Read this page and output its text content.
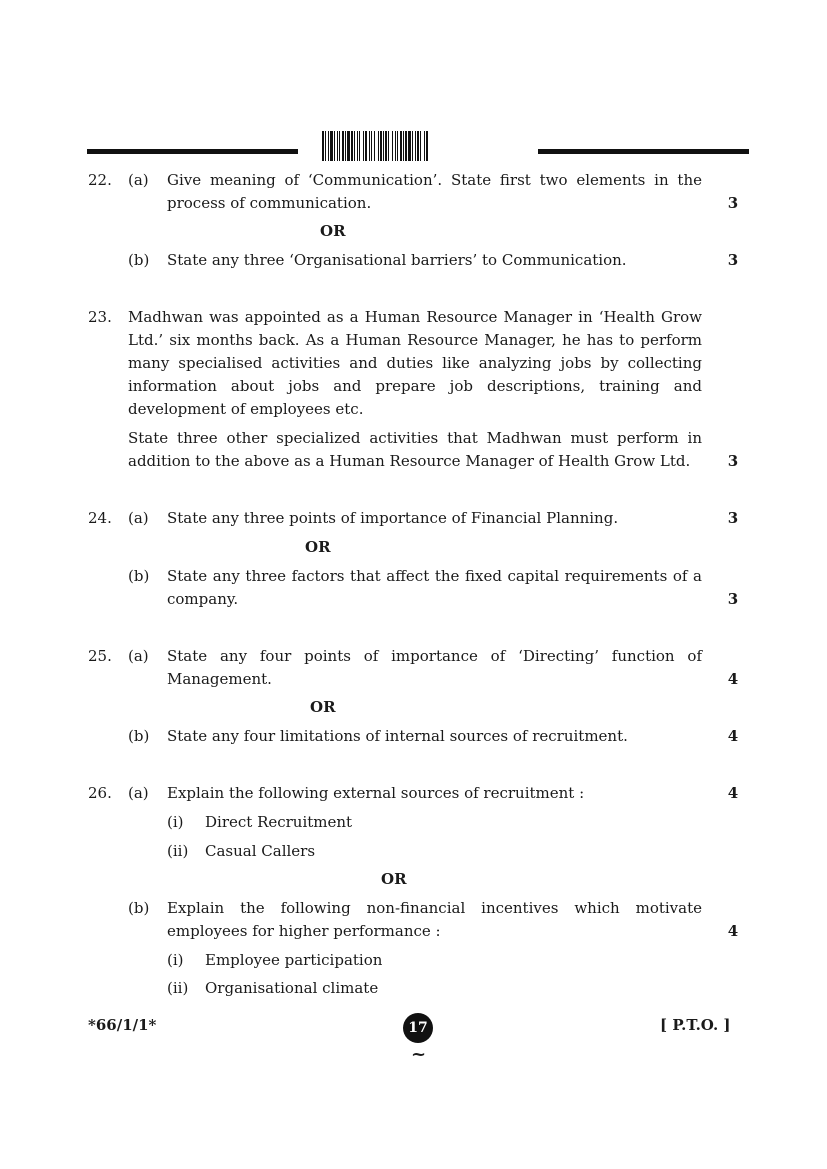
22.	(a) Give meaning of ‘Communication’. State first two elements in the
process of communication.	3
OR
(b) State any three ‘Organisational barriers’ to Communication.	3
23.	Madhwan was appointed as a Human Resource Manager in ‘Health Grow
Ltd.’ six months back. As a Human Resource Manager, he has to perform
many specialised activities and duties like analyzing jobs by collecting
information about jobs and prepare job descriptions, training and
development of employees etc.
State three other specialized activities that Madhwan must perform in
addition to the above as a Human Resource Manager of Health Grow Ltd. 3
24.	(a) State any three points of importance of Financial Planning.	3
OR
(b) State any three factors that affect the fixed capital requirements of a
company.	3
25.	(a) State any four points of importance of ‘Directing’ function of
Management.	4
OR
(b) State any four limitations of internal sources of recruitment.	4
26.	(a) Explain the following external sources of recruitment :	4
(i) Direct Recruitment
(ii) Casual Callers
OR
(b) Explain the following non-financial incentives which motivate
employees for higher performance :	4
(i) Employee participation
(ii) Organisational climate
*66/1/1*	17	[ P.T.O. ]
~
